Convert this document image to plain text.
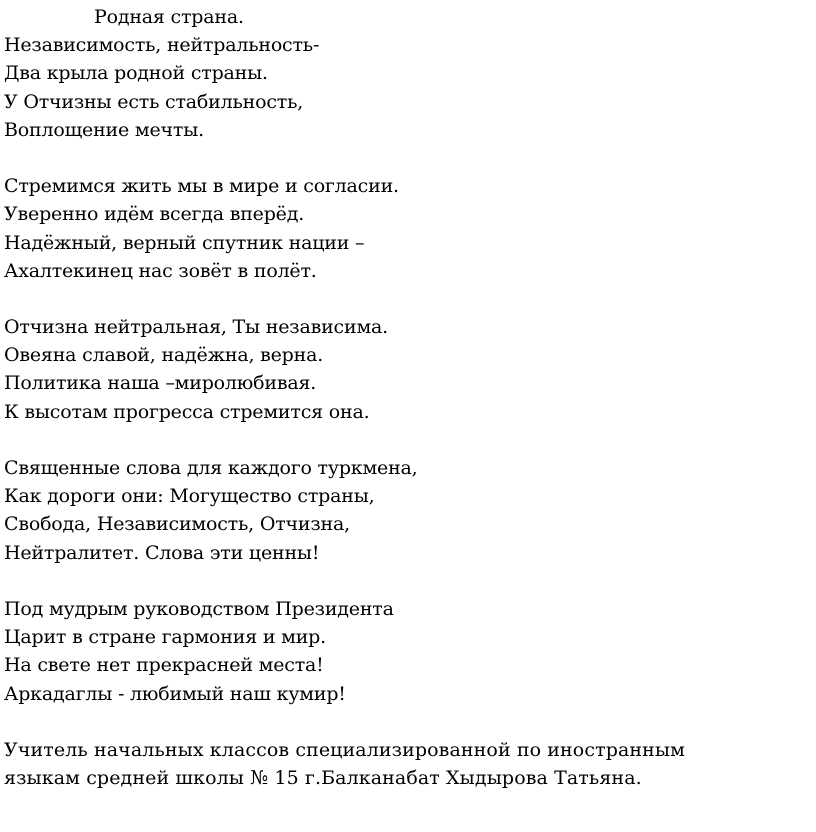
Родная страна.
Независимость, нейтральность-
Два крыла родной страны.
У Отчизны есть стабильность,
Воплощение мечты.
Стремимся жить мы в мире и согласии.
Уверенно идём всегда вперёд.
Надёжный, верный спутник нации –
Ахалтекинец нас зовёт в полёт.
Отчизна нейтральная, Ты независима.
Овеяна славой, надёжна, верна.
Политика наша –миролюбивая.
К высотам прогресса стремится она.
Священные слова для каждого туркмена,
Как дороги они: Могущество страны,
Свобода, Независимость, Отчизна,
Нейтралитет. Слова эти ценны!
Под мудрым руководством Президента
Царит в стране гармония и мир.
На свете нет прекрасней места!
Аркадаглы - любимый наш кумир!
Учитель начальных классов специализированной по иностранным
языкам средней школы № 15 г.Балканабат Хыдырова Татьяна.
